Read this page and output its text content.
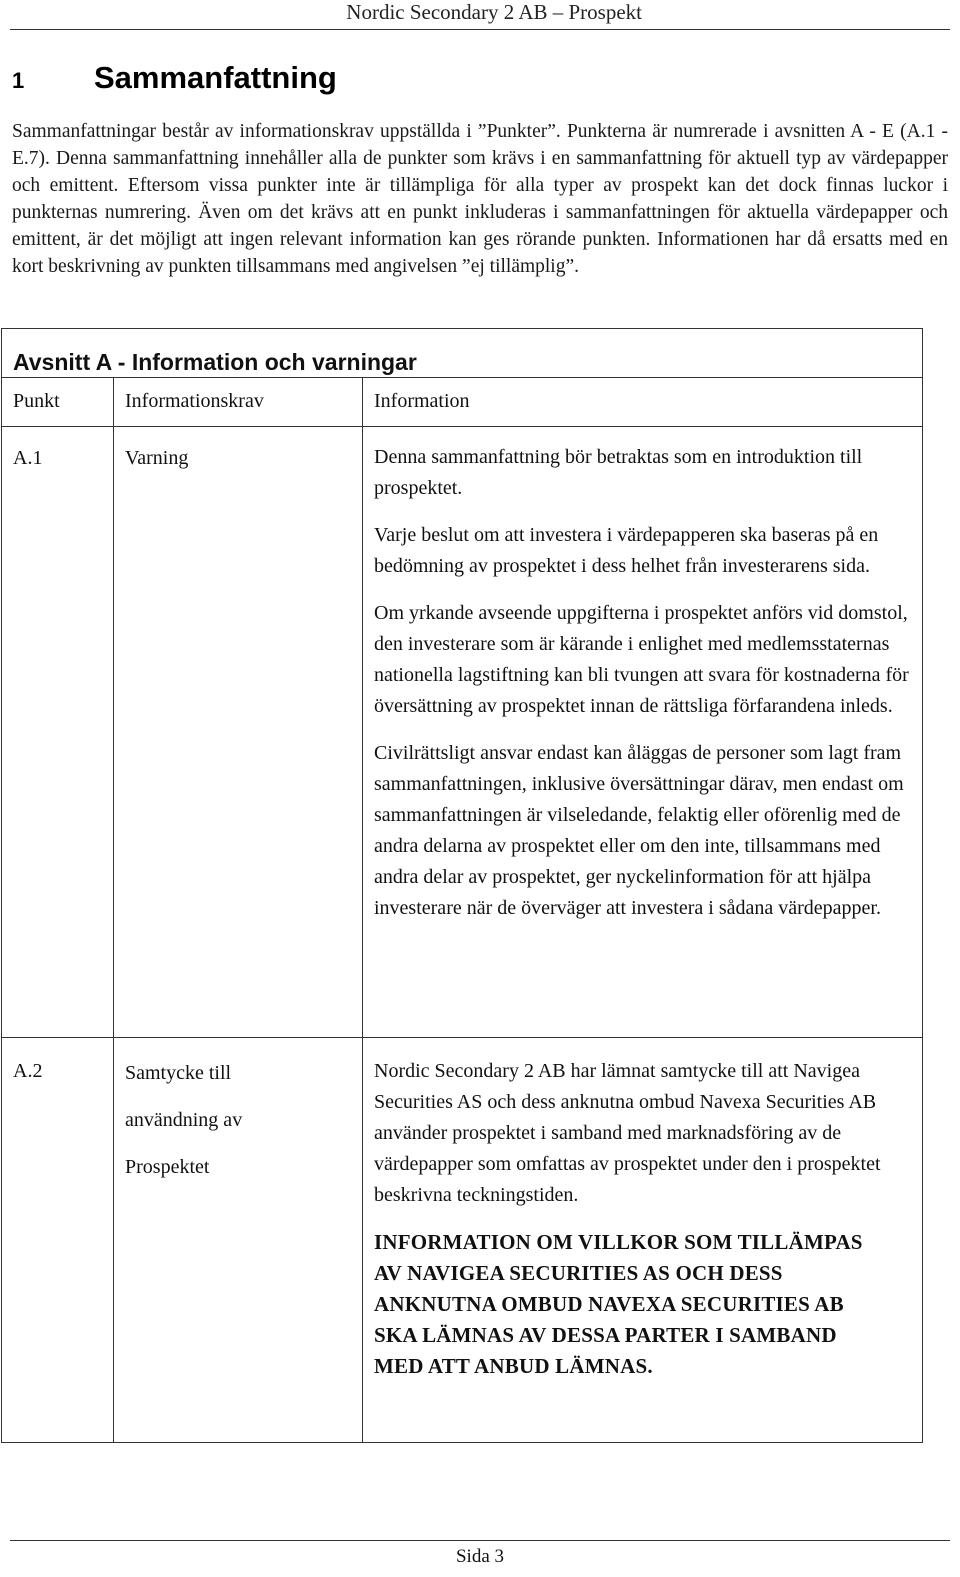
Nordic Secondary 2 AB – Prospekt
1 Sammanfattning

Sammanfattningar består av informationskrav uppställda i ”Punkter”. Punkterna är numrerade i avsnitten A - E (A.1 - E.7). Denna sammanfattning innehåller alla de punkter som krävs i en sammanfattning för aktuell typ av värdepapper och emittent. Eftersom vissa punkter inte är tillämpliga för alla typer av prospekt kan det dock finnas luckor i punkternas numrering. Även om det krävs att en punkt inkluderas i sammanfattningen för aktuella värdepapper och emittent, är det möjligt att ingen relevant information kan ges rörande punkten. Informationen har då ersatts med en kort beskrivning av punkten tillsammans med angivelsen ”ej tillämplig”.

Avsnitt A - Information och varningar		

Punkt	Informationskrav	Information

A.1	Varning	Denna sammanfattning bör betraktas som en introduktion till prospektet.
Varje beslut om att investera i värdepapperen ska baseras på en bedömning av prospektet i dess helhet från investerarens sida.
Om yrkande avseende uppgifterna i prospektet anförs vid domstol, den investerare som är kärande i enlighet med medlemsstaternas nationella lagstiftning kan bli tvungen att svara för kostnaderna för översättning av prospektet innan de rättsliga förfarandena inleds.
Civilrättsligt ansvar endast kan åläggas de personer som lagt fram sammanfattningen, inklusive översättningar därav, men endast om sammanfattningen är vilseledande, felaktig eller oförenlig med de andra delarna av prospektet eller om den inte, tillsammans med andra delar av prospektet, ger nyckelinformation för att hjälpa investerare när de överväger att investera i sådana värdepapper.

A.2	Samtycke till användning av Prospektet	Nordic Secondary 2 AB har lämnat samtycke till att Navigea Securities AS och dess anknutna ombud Navexa Securities AB använder prospektet i samband med marknadsföring av de värdepapper som omfattas av prospektet under den i prospektet beskrivna teckningstiden.
INFORMATION OM VILLKOR SOM TILLÄMPAS AV NAVIGEA SECURITIES AS OCH DESS ANKNUTNA OMBUD NAVEXA SECURITIES AB SKA LÄMNAS AV DESSA PARTER I SAMBAND MED ATT ANBUD LÄMNAS.
Sida 3
